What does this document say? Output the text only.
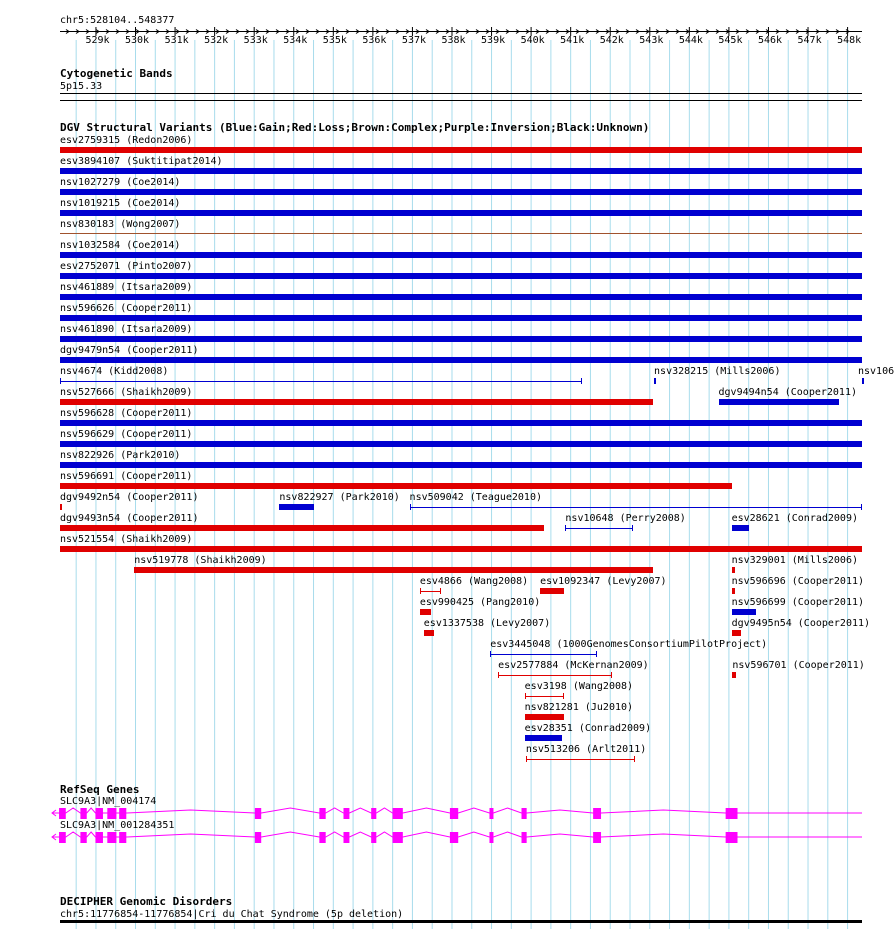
chr5:528104..548377
529k 530k 531k 532k 533k 534k 535k 536k 537k 538k 539k 540k 541k 542k 543k 544k 545k 546k 547k 548k
Cytogenetic Bands
5p15.33
DGV Structural Variants (Blue:Gain;Red:Loss;Brown:Complex;Purple:Inversion;Black:Unknown)
esv2759315 (Redon2006)
esv3894107 (Suktitipat2014)
nsv1027279 (Coe2014)
nsv1019215 (Coe2014)
nsv830183 (Wong2007)
nsv1032584 (Coe2014)
esv2752071 (Pinto2007)
nsv461889 (Itsara2009)
nsv596626 (Cooper2011)
nsv461890 (Itsara2009)
dgv9479n54 (Cooper2011)
nsv4674 (Kidd2008)	nsv328215 (Mills2006)	nsv106
nsv527666 (Shaikh2009)	dgv9494n54 (Cooper2011)
nsv596628 (Cooper2011)
nsv596629 (Cooper2011)
nsv822926 (Park2010)
nsv596691 (Cooper2011)
dgv9492n54 (Cooper2011)	nsv822927 (Park2010) nsv509042 (Teague2010)
dgv9493n54 (Cooper2011)	nsv10648 (Perry2008)	esv28621 (Conrad2009)
nsv521554 (Shaikh2009)
nsv519778 (Shaikh2009)	nsv329001 (Mills2006)
esv4866 (Wang2008) esv1092347 (Levy2007)	nsv596696 (Cooper2011)
esv990425 (Pang2010)	nsv596699 (Cooper2011)
esv1337538 (Levy2007)	dgv9495n54 (Cooper2011)
esv3445048 (1000GenomesConsortiumPilotProject)
esv2577884 (McKernan2009)	nsv596701 (Cooper2011)
esv3198 (Wang2008)
nsv821281 (Ju2010)
esv28351 (Conrad2009)
nsv513206 (Arlt2011)
RefSeq Genes
SLC9A3|NM_004174
SLC9A3|NM_001284351
DECIPHER Genomic Disorders
chr5:11776854-11776854|Cri du Chat Syndrome (5p deletion)
